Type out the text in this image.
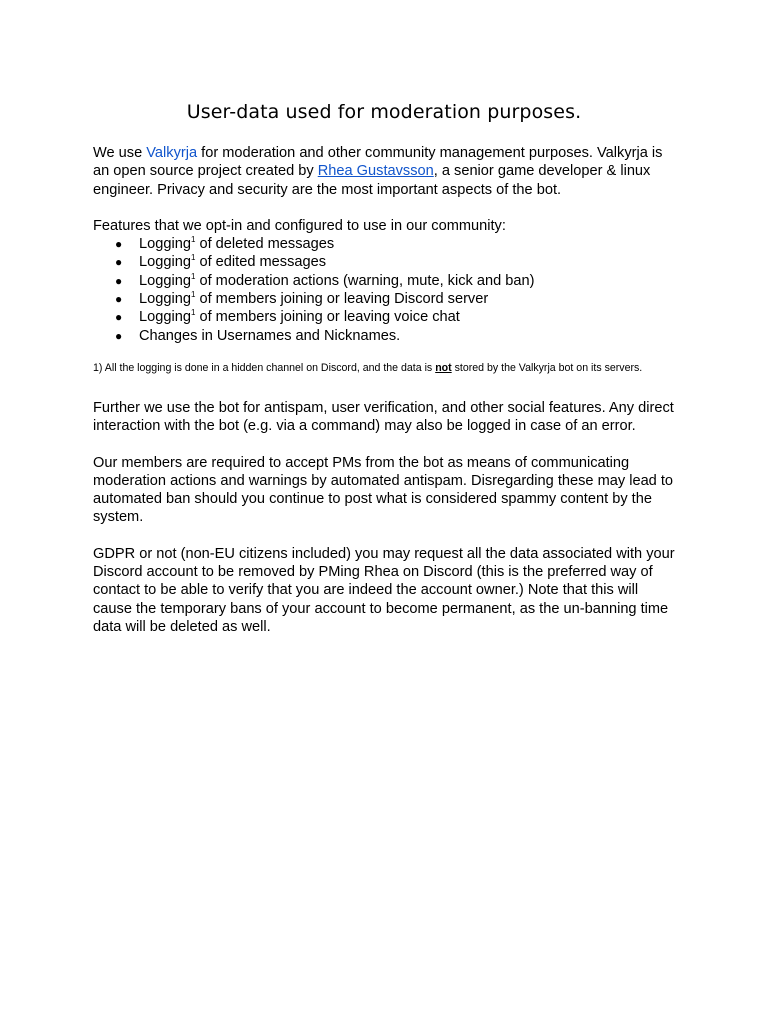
User-data used for moderation purposes.

We use Valkyrja for moderation and other community management purposes. Valkyrja is an open source project created by Rhea Gustavsson, a senior game developer & linux engineer. Privacy and security are the most important aspects of the bot.

Features that we opt-in and configured to use in our community:

● Logging$^1$ of deleted messages
● Logging$^1$ of edited messages
● Logging$^1$ of moderation actions (warning, mute, kick and ban)
● Logging$^1$ of members joining or leaving Discord server
● Logging$^1$ of members joining or leaving voice chat
● Changes in Usernames and Nicknames.

1) All the logging is done in a hidden channel on Discord, and the data is not stored by the Valkyrja bot on its servers.

Further we use the bot for antispam, user verification, and other social features. Any direct interaction with the bot (e.g. via a command) may also be logged in case of an error.

Our members are required to accept PMs from the bot as means of communicating moderation actions and warnings by automated antispam. Disregarding these may lead to automated ban should you continue to post what is considered spammy content by the system.

GDPR or not (non-EU citizens included) you may request all the data associated with your Discord account to be removed by PMing Rhea on Discord (this is the preferred way of contact to be able to verify that you are indeed the account owner.) Note that this will cause the temporary bans of your account to become permanent, as the un-banning time data will be deleted as well.
